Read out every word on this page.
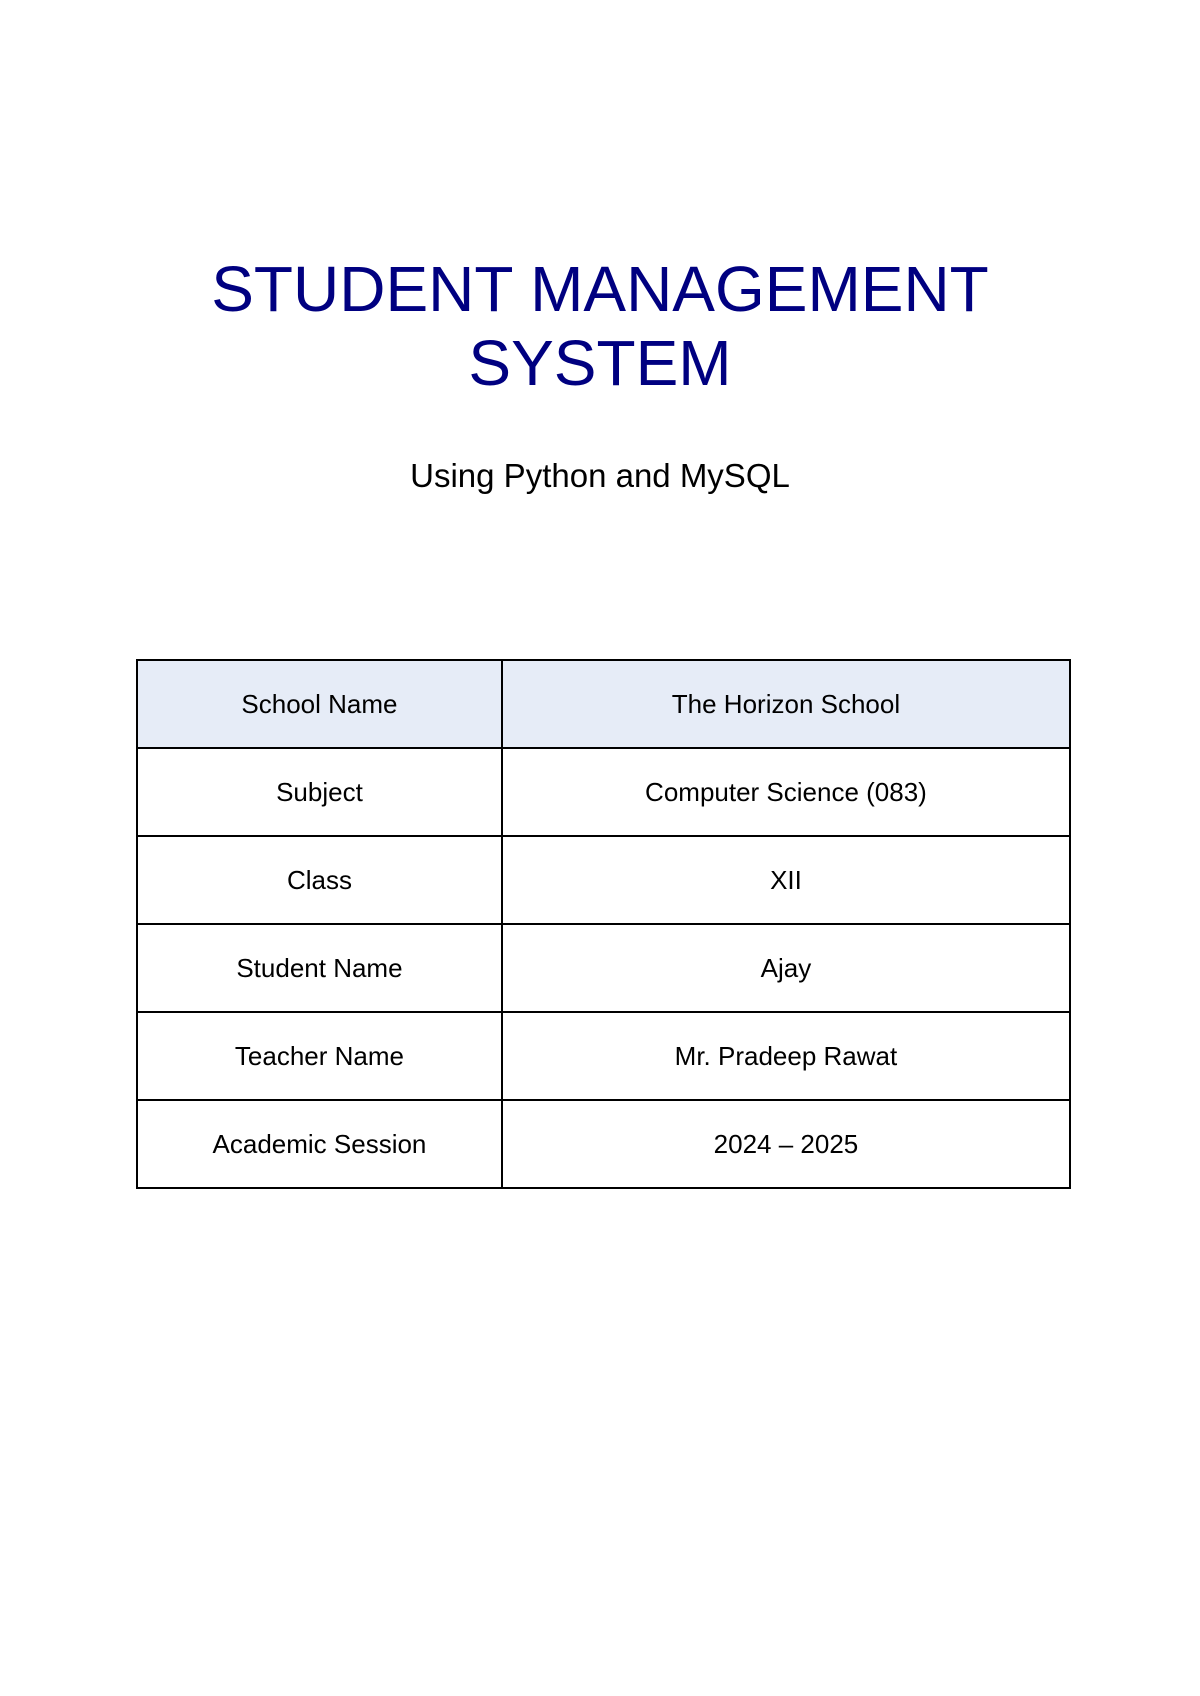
STUDENT MANAGEMENT
SYSTEM

Using Python and MySQL

School Name	The Horizon School
Subject	Computer Science (083)
Class	XII
Student Name	Ajay
Teacher Name	Mr. Pradeep Rawat
Academic Session	2024 – 2025
